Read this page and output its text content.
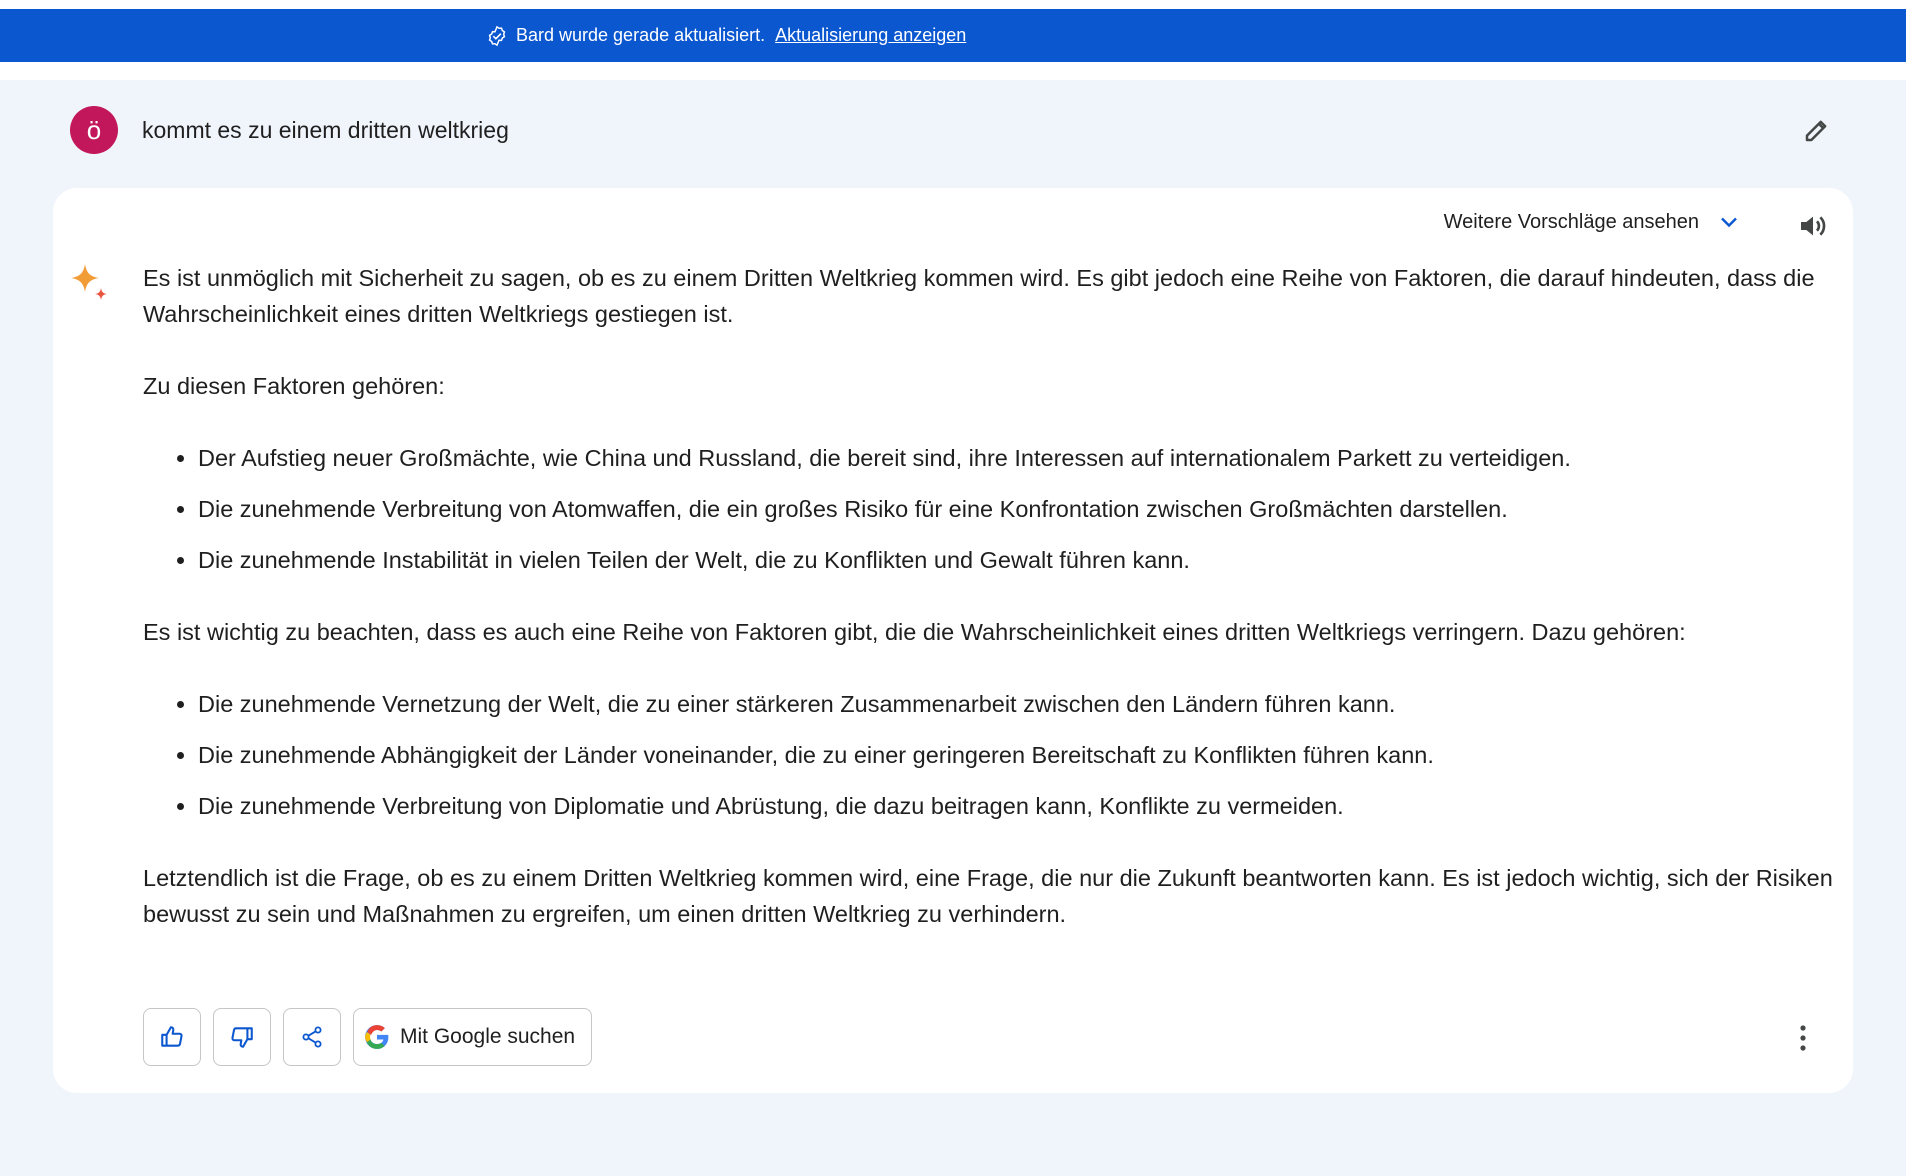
Bard wurde gerade aktualisiert. Aktualisierung anzeigen
ö	kommt es zu einem dritten weltkrieg
Weitere Vorschläge ansehen

Es ist unmöglich mit Sicherheit zu sagen, ob es zu einem Dritten Weltkrieg kommen wird. Es gibt jedoch eine Reihe von Faktoren, die darauf hindeuten, dass die Wahrscheinlichkeit eines dritten Weltkriegs gestiegen ist.

Zu diesen Faktoren gehören:

• Der Aufstieg neuer Großmächte, wie China und Russland, die bereit sind, ihre Interessen auf internationalem Parkett zu verteidigen.
• Die zunehmende Verbreitung von Atomwaffen, die ein großes Risiko für eine Konfrontation zwischen Großmächten darstellen.
• Die zunehmende Instabilität in vielen Teilen der Welt, die zu Konflikten und Gewalt führen kann.

Es ist wichtig zu beachten, dass es auch eine Reihe von Faktoren gibt, die die Wahrscheinlichkeit eines dritten Weltkriegs verringern. Dazu gehören:

• Die zunehmende Vernetzung der Welt, die zu einer stärkeren Zusammenarbeit zwischen den Ländern führen kann.
• Die zunehmende Abhängigkeit der Länder voneinander, die zu einer geringeren Bereitschaft zu Konflikten führen kann.
• Die zunehmende Verbreitung von Diplomatie und Abrüstung, die dazu beitragen kann, Konflikte zu vermeiden.

Letztendlich ist die Frage, ob es zu einem Dritten Weltkrieg kommen wird, eine Frage, die nur die Zukunft beantworten kann. Es ist jedoch wichtig, sich der Risiken bewusst zu sein und Maßnahmen zu ergreifen, um einen dritten Weltkrieg zu verhindern.

Mit Google suchen
